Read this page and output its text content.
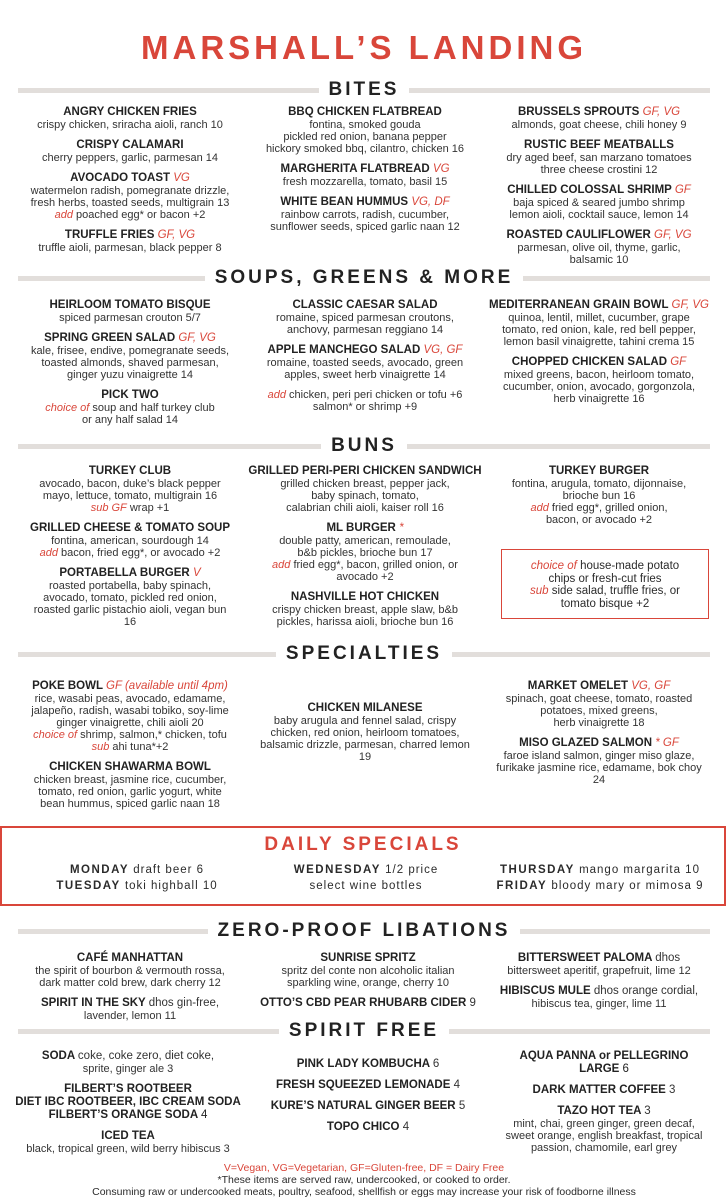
MARSHALL’S LANDING
BITES
ANGRY CHICKEN FRIES
crispy chicken, sriracha aioli, ranch 10
CRISPY CALAMARI
cherry peppers, garlic, parmesan 14
AVOCADO TOAST VG
watermelon radish, pomegranate drizzle,
fresh herbs, toasted seeds, multigrain 13
add poached egg* or bacon +2
TRUFFLE FRIES GF, VG
truffle aioli, parmesan, black pepper 8
BBQ CHICKEN FLATBREAD
fontina, smoked gouda
pickled red onion, banana pepper
hickory smoked bbq, cilantro, chicken 16
MARGHERITA FLATBREAD VG
fresh mozzarella, tomato, basil 15
WHITE BEAN HUMMUS VG, DF
rainbow carrots, radish, cucumber,
sunflower seeds, spiced garlic naan 12
BRUSSELS SPROUTS GF, VG
almonds, goat cheese, chili honey 9
RUSTIC BEEF MEATBALLS
dry aged beef, san marzano tomatoes
three cheese crostini 12
CHILLED COLOSSAL SHRIMP GF
baja spiced & seared jumbo shrimp
lemon aioli, cocktail sauce, lemon 14
ROASTED CAULIFLOWER GF, VG
parmesan, olive oil, thyme, garlic,
balsamic 10
SOUPS, GREENS & MORE
HEIRLOOM TOMATO BISQUE
spiced parmesan crouton 5/7
SPRING GREEN SALAD GF, VG
kale, frisee, endive, pomegranate seeds,
toasted almonds, shaved parmesan,
ginger yuzu vinaigrette 14
PICK TWO
choice of soup and half turkey club
or any half salad 14
CLASSIC CAESAR SALAD
romaine, spiced parmesan croutons,
anchovy, parmesan reggiano 14
APPLE MANCHEGO SALAD VG, GF
romaine, toasted seeds, avocado, green
apples, sweet herb vinaigrette 14
add chicken, peri peri chicken or tofu +6
salmon* or shrimp +9
MEDITERRANEAN GRAIN BOWL GF, VG
quinoa, lentil, millet, cucumber, grape
tomato, red onion, kale, red bell pepper,
lemon basil vinaigrette, tahini crema 15
CHOPPED CHICKEN SALAD GF
mixed greens, bacon, heirloom tomato,
cucumber, onion, avocado, gorgonzola,
herb vinaigrette 16
BUNS
TURKEY CLUB
avocado, bacon, duke’s black pepper
mayo, lettuce, tomato, multigrain 16
sub GF wrap +1
GRILLED CHEESE & TOMATO SOUP
fontina, american, sourdough 14
add bacon, fried egg*, or avocado +2
PORTABELLA BURGER V
roasted portabella, baby spinach,
avocado, tomato, pickled red onion,
roasted garlic pistachio aioli, vegan bun
16
GRILLED PERI-PERI CHICKEN SANDWICH
grilled chicken breast, pepper jack,
baby spinach, tomato,
calabrian chili aioli, kaiser roll 16
ML BURGER *
double patty, american, remoulade,
b&b pickles, brioche bun 17
add fried egg*, bacon, grilled onion, or
avocado +2
NASHVILLE HOT CHICKEN
crispy chicken breast, apple slaw, b&b
pickles, harissa aioli, brioche bun 16
TURKEY BURGER
fontina, arugula, tomato, dijonnaise,
brioche bun 16
add fried egg*, grilled onion,
bacon, or avocado +2
choice of house-made potato
chips or fresh-cut fries
sub side salad, truffle fries, or
tomato bisque +2
SPECIALTIES
POKE BOWL GF (available until 4pm)
rice, wasabi peas, avocado, edamame,
jalapeño, radish, wasabi tobiko, soy-lime
ginger vinaigrette, chili aioli 20
choice of shrimp, salmon,* chicken, tofu
sub ahi tuna*+2
CHICKEN SHAWARMA BOWL
chicken breast, jasmine rice, cucumber,
tomato, red onion, garlic yogurt, white
bean hummus, spiced garlic naan 18
CHICKEN MILANESE
baby arugula and fennel salad, crispy
chicken, red onion, heirloom tomatoes,
balsamic drizzle, parmesan, charred lemon
19
MARKET OMELET VG, GF
spinach, goat cheese, tomato, roasted
potatoes, mixed greens,
herb vinaigrette 18
MISO GLAZED SALMON * GF
faroe island salmon, ginger miso glaze,
furikake jasmine rice, edamame, bok choy
24
DAILY SPECIALS
MONDAY draft beer 6
TUESDAY toki highball 10
WEDNESDAY 1/2 price
select wine bottles
THURSDAY mango margarita 10
FRIDAY bloody mary or mimosa 9
ZERO-PROOF LIBATIONS
CAFÉ MANHATTAN
the spirit of bourbon & vermouth rossa,
dark matter cold brew, dark cherry 12
SPIRIT IN THE SKY dhos gin-free,
lavender, lemon 11
SUNRISE SPRITZ
spritz del conte non alcoholic italian
sparkling wine, orange, cherry 10
OTTO’S CBD PEAR RHUBARB CIDER 9
BITTERSWEET PALOMA dhos
bittersweet aperitif, grapefruit, lime 12
HIBISCUS MULE dhos orange cordial,
hibiscus tea, ginger, lime 11
SPIRIT FREE
SODA coke, coke zero, diet coke,
sprite, ginger ale 3
FILBERT’S ROOTBEER
DIET IBC ROOTBEER, IBC CREAM SODA
FILBERT’S ORANGE SODA 4
ICED TEA
black, tropical green, wild berry hibiscus 3
PINK LADY KOMBUCHA 6
FRESH SQUEEZED LEMONADE 4
KURE’S NATURAL GINGER BEER 5
TOPO CHICO 4
AQUA PANNA or PELLEGRINO
LARGE 6
DARK MATTER COFFEE 3
TAZO HOT TEA 3
mint, chai, green ginger, green decaf,
sweet orange, english breakfast, tropical
passion, chamomile, earl grey
V=Vegan, VG=Vegetarian, GF=Gluten-free, DF = Dairy Free
*These items are served raw, undercooked, or cooked to order.
Consuming raw or undercooked meats, poultry, seafood, shellfish or eggs may increase your risk of foodborne illness
